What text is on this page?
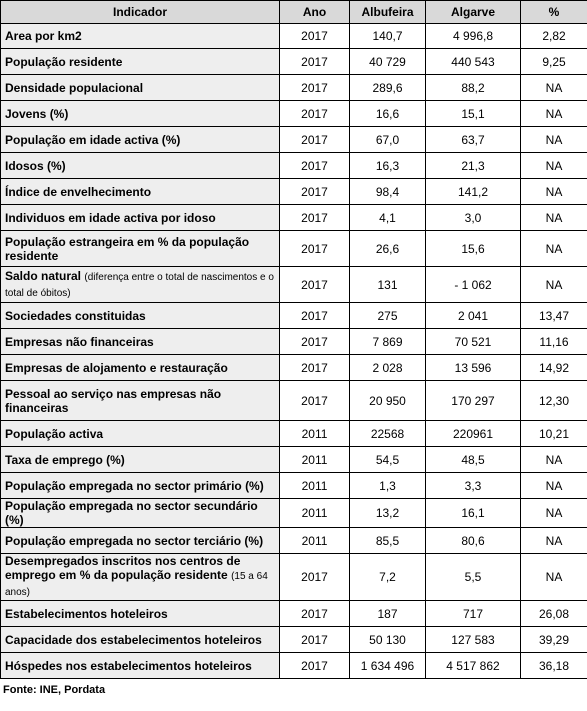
Indicador	Ano	Albufeira	Algarve	%
Area por km2	2017	140,7	4 996,8	2,82
População residente	2017	40 729	440 543	9,25
Densidade populacional	2017	289,6	88,2	NA
Jovens (%)	2017	16,6	15,1	NA
População em idade activa (%)	2017	67,0	63,7	NA
Idosos (%)	2017	16,3	21,3	NA
Índice de envelhecimento	2017	98,4	141,2	NA
Individuos em idade activa por idoso	2017	4,1	3,0	NA
População estrangeira em % da população residente	2017	26,6	15,6	NA
Saldo natural (diferença entre o total de nascimentos e o total de óbitos)	2017	131	- 1 062	NA
Sociedades constituidas	2017	275	2 041	13,47
Empresas não financeiras	2017	7 869	70 521	11,16
Empresas de alojamento e restauração	2017	2 028	13 596	14,92
Pessoal ao serviço nas empresas não financeiras	2017	20 950	170 297	12,30
População activa	2011	22568	220961	10,21
Taxa de emprego (%)	2011	54,5	48,5	NA
População empregada no sector primário (%)	2011	1,3	3,3	NA
População empregada no sector secundário (%)	2011	13,2	16,1	NA
População empregada no sector terciário (%)	2011	85,5	80,6	NA
Desempregados inscritos nos centros de emprego em % da população residente (15 a 64 anos)	2017	7,2	5,5	NA
Estabelecimentos hoteleiros	2017	187	717	26,08
Capacidade dos estabelecimentos hoteleiros	2017	50 130	127 583	39,29
Hóspedes nos estabelecimentos hoteleiros	2017	1 634 496	4 517 862	36,18
Fonte: INE, Pordata
